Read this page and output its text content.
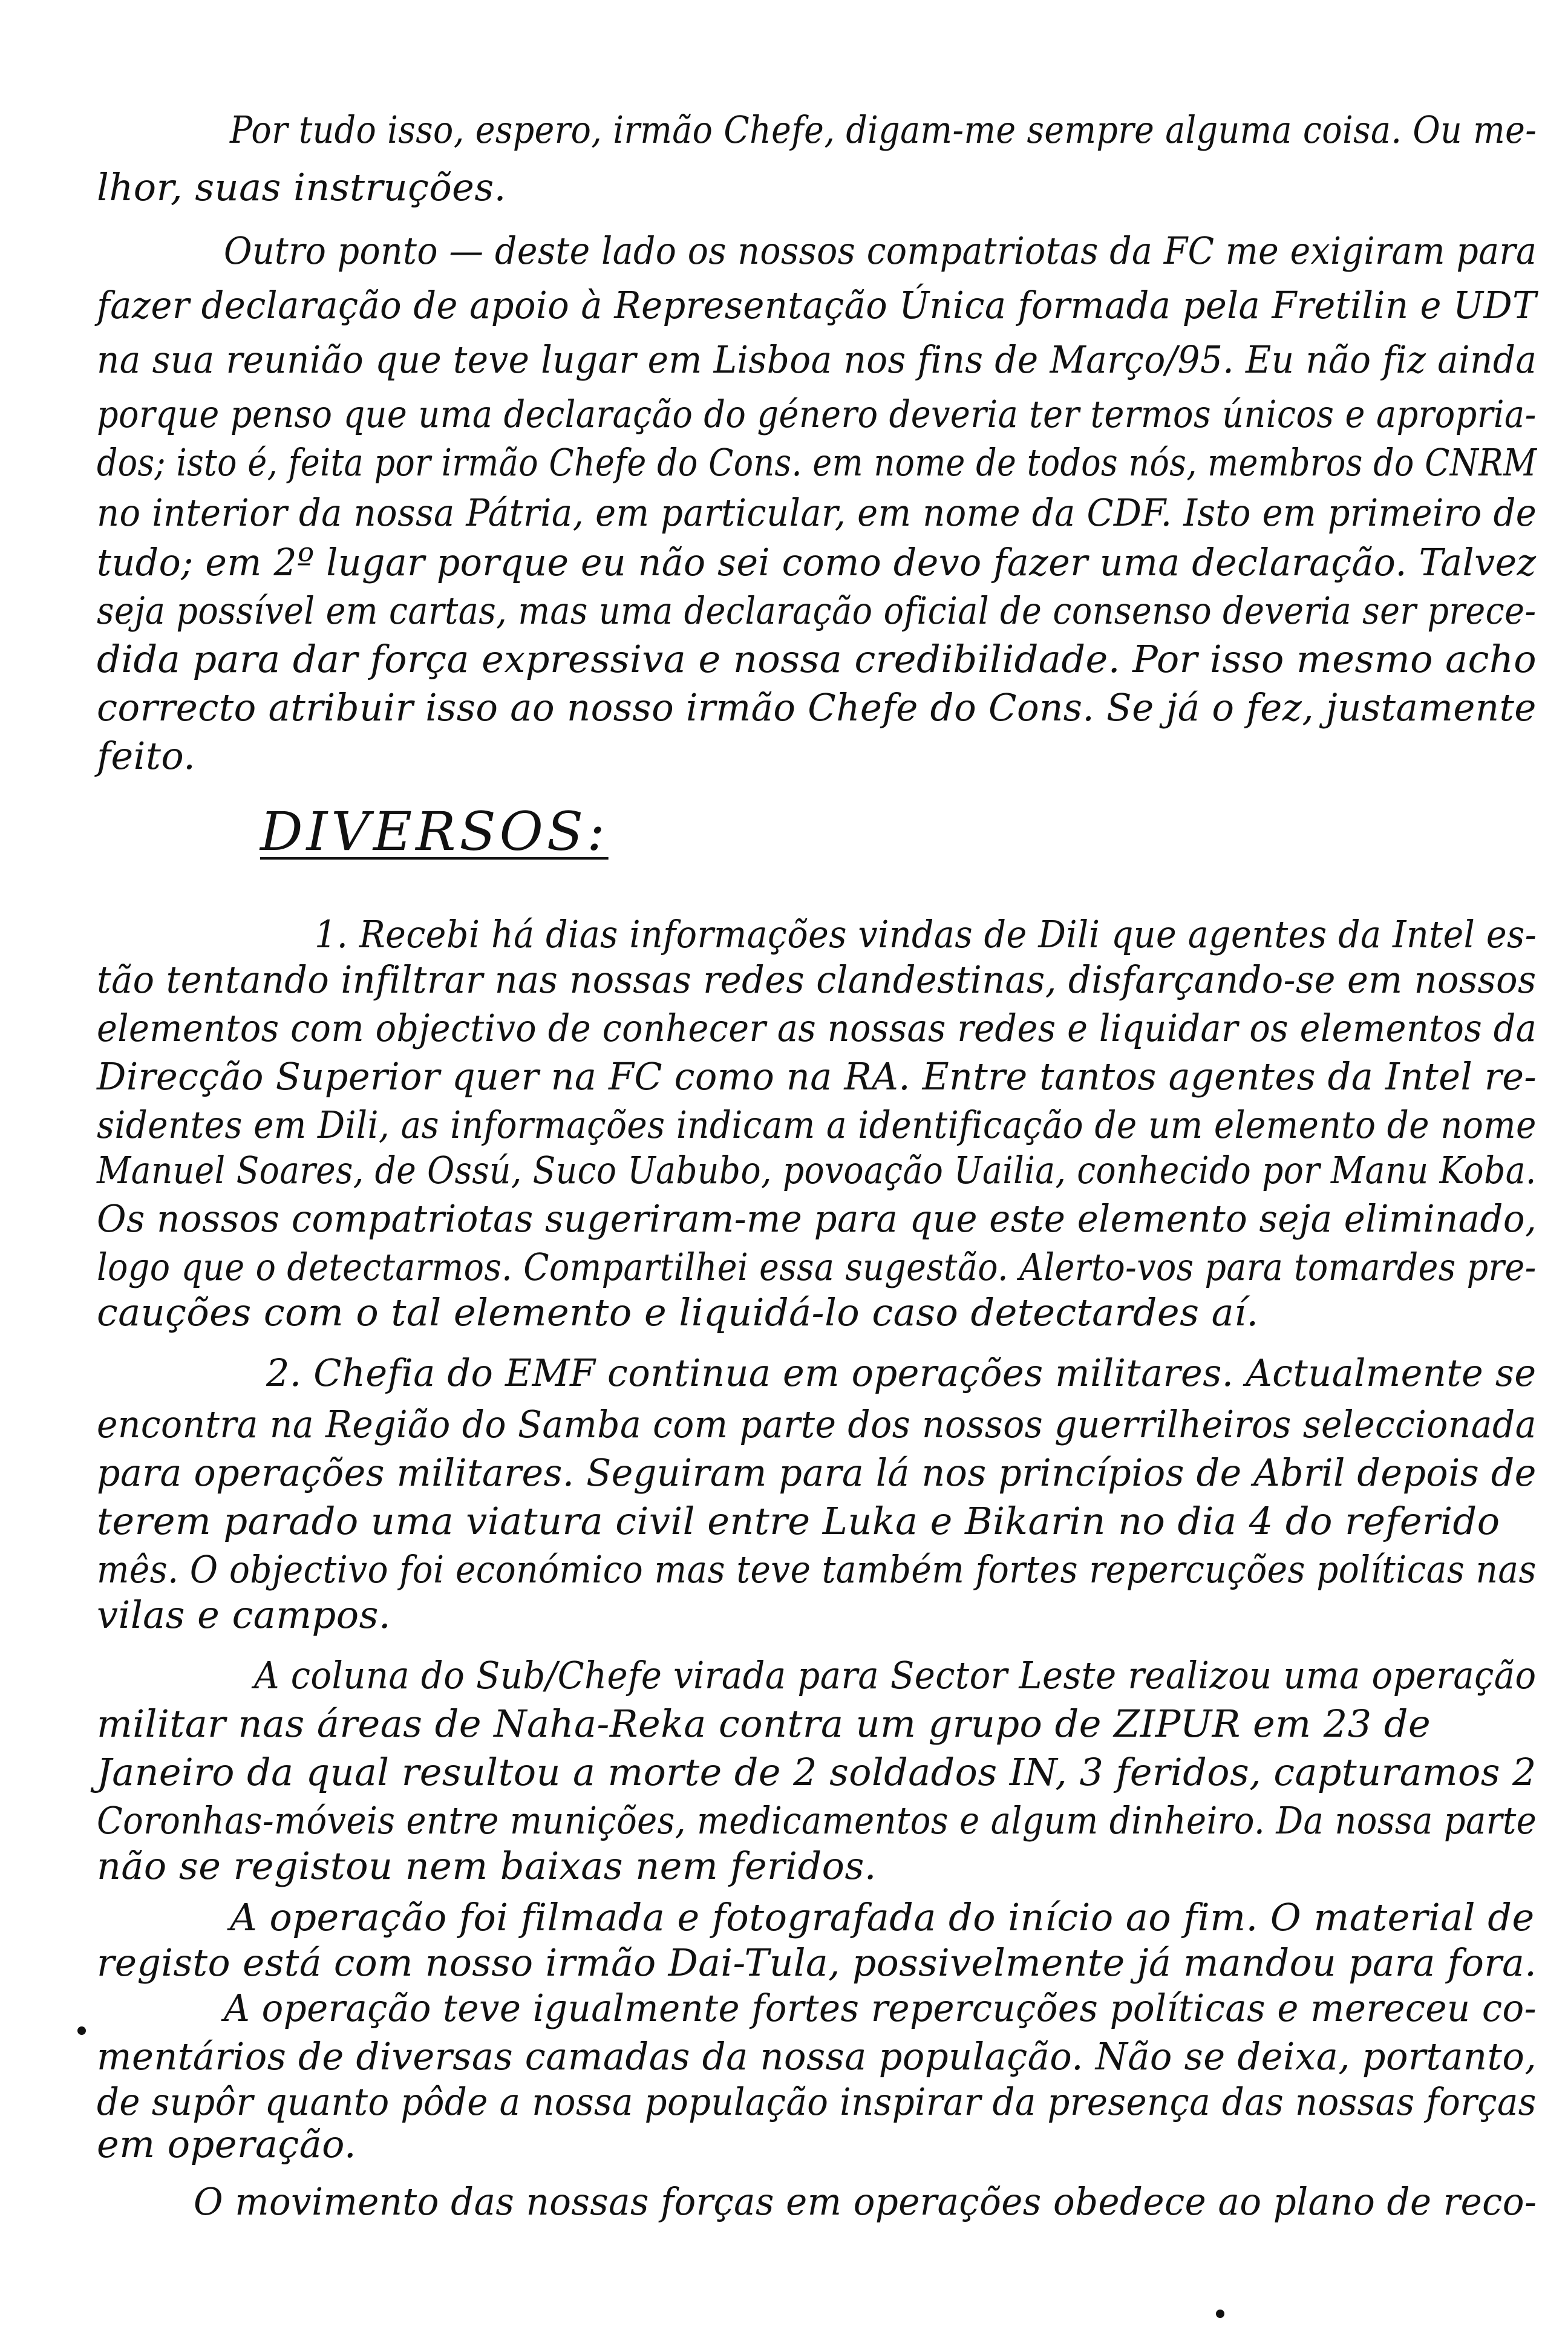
Por tudo isso, espero, irmão Chefe, digam-me sempre alguma coisa. Ou me-
lhor, suas instruções.
Outro ponto — deste lado os nossos compatriotas da FC me exigiram para
fazer declaração de apoio à Representação Única formada pela Fretilin e UDT
na sua reunião que teve lugar em Lisboa nos fins de Março/95. Eu não fiz ainda
porque penso que uma declaração do género deveria ter termos únicos e apropria-
dos; isto é, feita por irmão Chefe do Cons. em nome de todos nós, membros do CNRM
no interior da nossa Pátria, em particular, em nome da CDF. Isto em primeiro de
tudo; em 2º lugar porque eu não sei como devo fazer uma declaração. Talvez
seja possível em cartas, mas uma declaração oficial de consenso deveria ser prece-
dida para dar força expressiva e nossa credibilidade. Por isso mesmo acho
correcto atribuir isso ao nosso irmão Chefe do Cons. Se já o fez, justamente
feito.
DIVERSOS:
1. Recebi há dias informações vindas de Dili que agentes da Intel es-
tão tentando infiltrar nas nossas redes clandestinas, disfarçando-se em nossos
elementos com objectivo de conhecer as nossas redes e liquidar os elementos da
Direcção Superior quer na FC como na RA. Entre tantos agentes da Intel re-
sidentes em Dili, as informações indicam a identificação de um elemento de nome
Manuel Soares, de Ossú, Suco Uabubo, povoação Uailia, conhecido por Manu Koba.
Os nossos compatriotas sugeriram-me para que este elemento seja eliminado,
logo que o detectarmos. Compartilhei essa sugestão. Alerto-vos para tomardes pre-
cauções com o tal elemento e liquidá-lo caso detectardes aí.
2. Chefia do EMF continua em operações militares. Actualmente se
encontra na Região do Samba com parte dos nossos guerrilheiros seleccionada
para operações militares. Seguiram para lá nos princípios de Abril depois de
terem parado uma viatura civil entre Luka e Bikarin no dia 4 do referido
mês. O objectivo foi económico mas teve também fortes repercuções políticas nas
vilas e campos.
A coluna do Sub/Chefe virada para Sector Leste realizou uma operação
militar nas áreas de Naha-Reka contra um grupo de ZIPUR em 23 de
Janeiro da qual resultou a morte de 2 soldados IN, 3 feridos, capturamos 2
Coronhas-móveis entre munições, medicamentos e algum dinheiro. Da nossa parte
não se registou nem baixas nem feridos.
A operação foi filmada e fotografada do início ao fim. O material de
registo está com nosso irmão Dai-Tula, possivelmente já mandou para fora.
A operação teve igualmente fortes repercuções políticas e mereceu co-
mentários de diversas camadas da nossa população. Não se deixa, portanto,
de supôr quanto pôde a nossa população inspirar da presença das nossas forças
em operação.
O movimento das nossas forças em operações obedece ao plano de reco-
